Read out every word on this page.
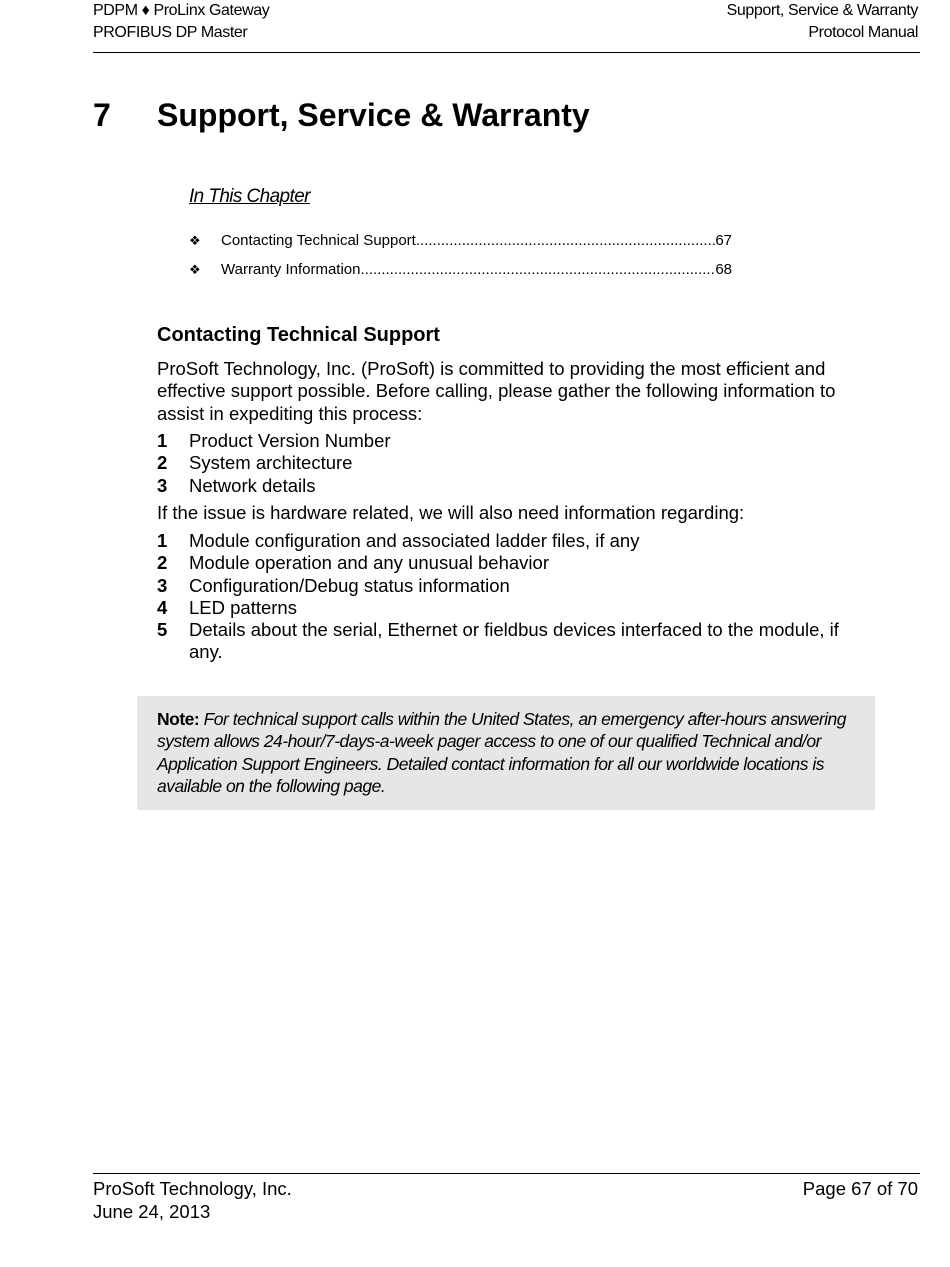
PDPM ♦ ProLinx Gateway
PROFIBUS DP Master
Support, Service & Warranty
Protocol Manual
7 Support, Service & Warranty
In This Chapter
❖	Contacting Technical Support .....	67
❖	Warranty Information .....	68
Contacting Technical Support
ProSoft Technology, Inc. (ProSoft) is committed to providing the most efficient and effective support possible. Before calling, please gather the following information to assist in expediting this process:
1	Product Version Number
2	System architecture
3	Network details
If the issue is hardware related, we will also need information regarding:
1	Module configuration and associated ladder files, if any
2	Module operation and any unusual behavior
3	Configuration/Debug status information
4	LED patterns
5	Details about the serial, Ethernet or fieldbus devices interfaced to the module, if any.
Note: For technical support calls within the United States, an emergency after-hours answering system allows 24-hour/7-days-a-week pager access to one of our qualified Technical and/or Application Support Engineers. Detailed contact information for all our worldwide locations is available on the following page.
ProSoft Technology, Inc.
June 24, 2013
Page 67 of 70
